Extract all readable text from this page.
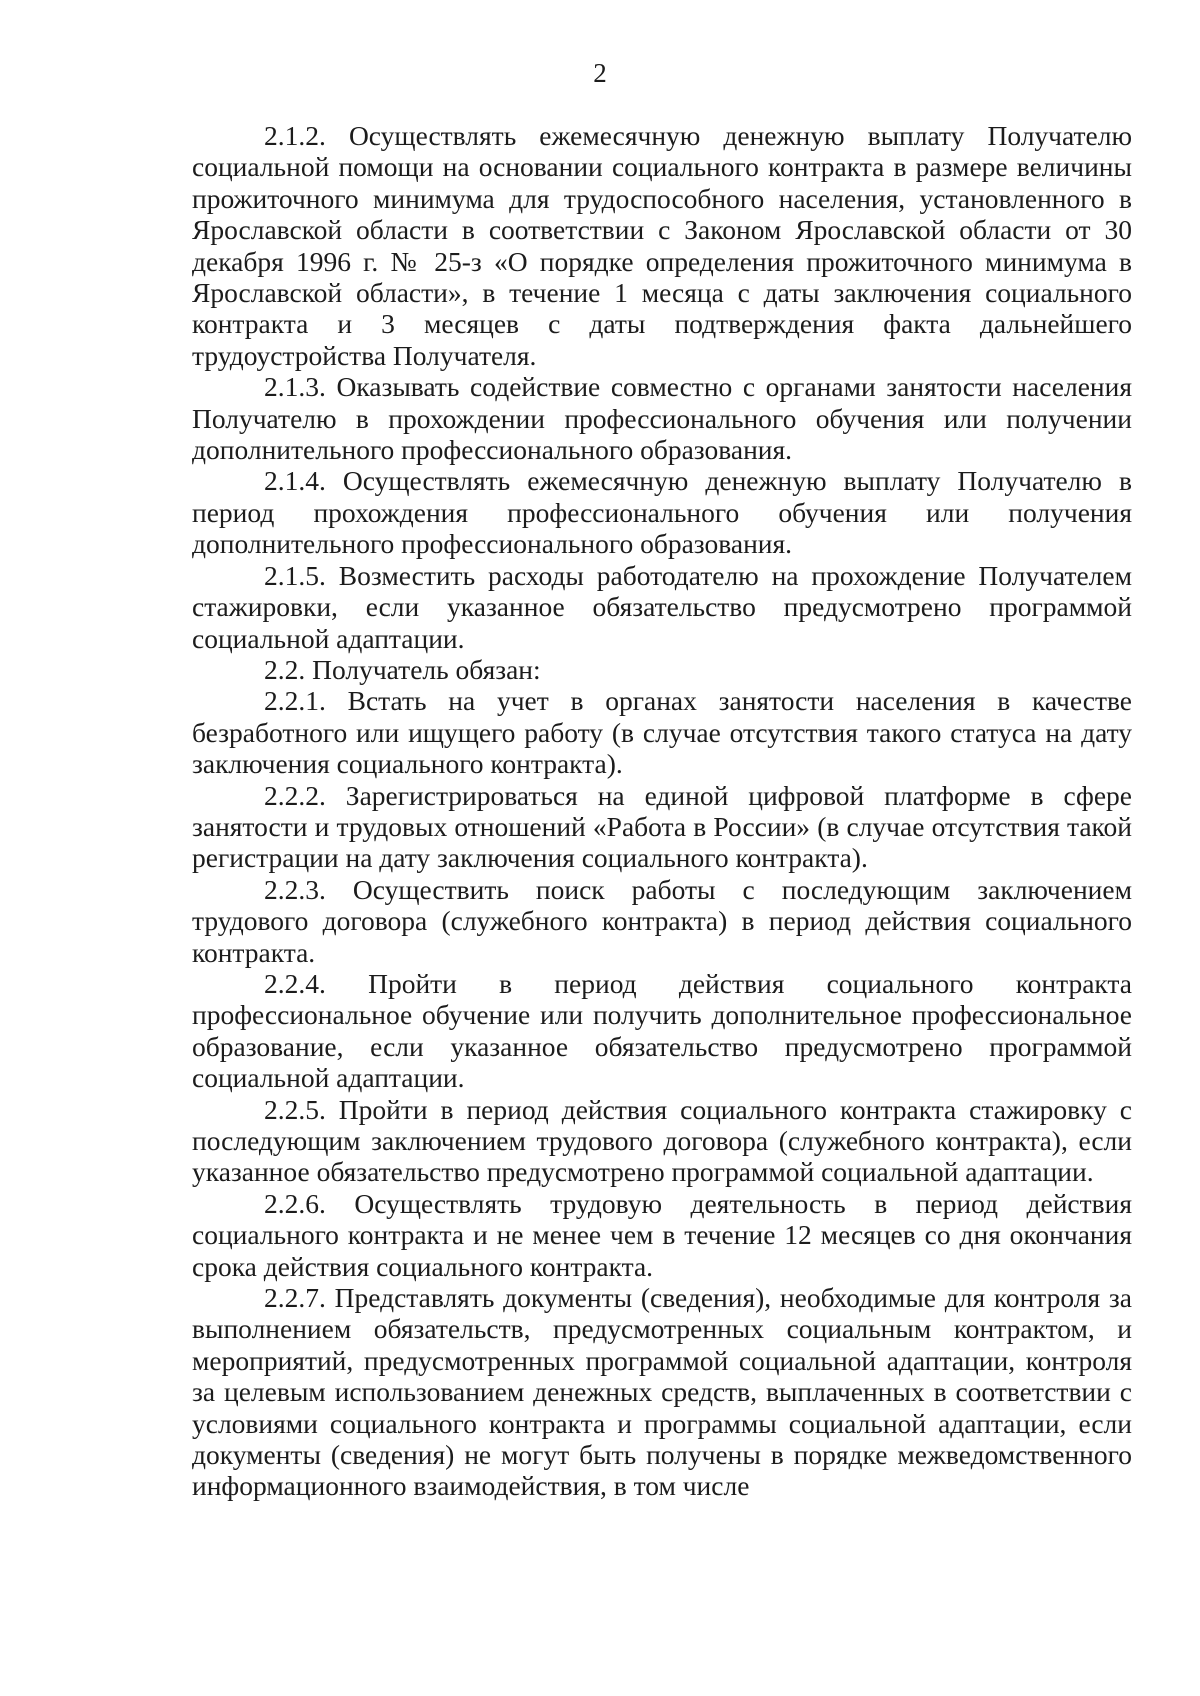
2

2.1.2. Осуществлять ежемесячную денежную выплату Получателю социальной помощи на основании социального контракта в размере величины прожиточного минимума для трудоспособного населения, установленного в Ярославской области в соответствии с Законом Ярославской области от 30 декабря 1996 г. № 25-з «О порядке определения прожиточного минимума в Ярославской области», в течение 1 месяца с даты заключения социального контракта и 3 месяцев с даты подтверждения факта дальнейшего трудоустройства Получателя.

2.1.3. Оказывать содействие совместно с органами занятости населения Получателю в прохождении профессионального обучения или получении дополнительного профессионального образования.

2.1.4. Осуществлять ежемесячную денежную выплату Получателю в период прохождения профессионального обучения или получения дополнительного профессионального образования.

2.1.5. Возместить расходы работодателю на прохождение Получателем стажировки, если указанное обязательство предусмотрено программой социальной адаптации.

2.2. Получатель обязан:

2.2.1. Встать на учет в органах занятости населения в качестве безработного или ищущего работу (в случае отсутствия такого статуса на дату заключения социального контракта).

2.2.2. Зарегистрироваться на единой цифровой платформе в сфере занятости и трудовых отношений «Работа в России» (в случае отсутствия такой регистрации на дату заключения социального контракта).

2.2.3. Осуществить поиск работы с последующим заключением трудового договора (служебного контракта) в период действия социального контракта.

2.2.4. Пройти в период действия социального контракта профессиональное обучение или получить дополнительное профессиональное образование, если указанное обязательство предусмотрено программой социальной адаптации.

2.2.5. Пройти в период действия социального контракта стажировку с последующим заключением трудового договора (служебного контракта), если указанное обязательство предусмотрено программой социальной адаптации.

2.2.6. Осуществлять трудовую деятельность в период действия социального контракта и не менее чем в течение 12 месяцев со дня окончания срока действия социального контракта.

2.2.7. Представлять документы (сведения), необходимые для контроля за выполнением обязательств, предусмотренных социальным контрактом, и мероприятий, предусмотренных программой социальной адаптации, контроля за целевым использованием денежных средств, выплаченных в соответствии с условиями социального контракта и программы социальной адаптации, если документы (сведения) не могут быть получены в порядке межведомственного информационного взаимодействия, в том числе
